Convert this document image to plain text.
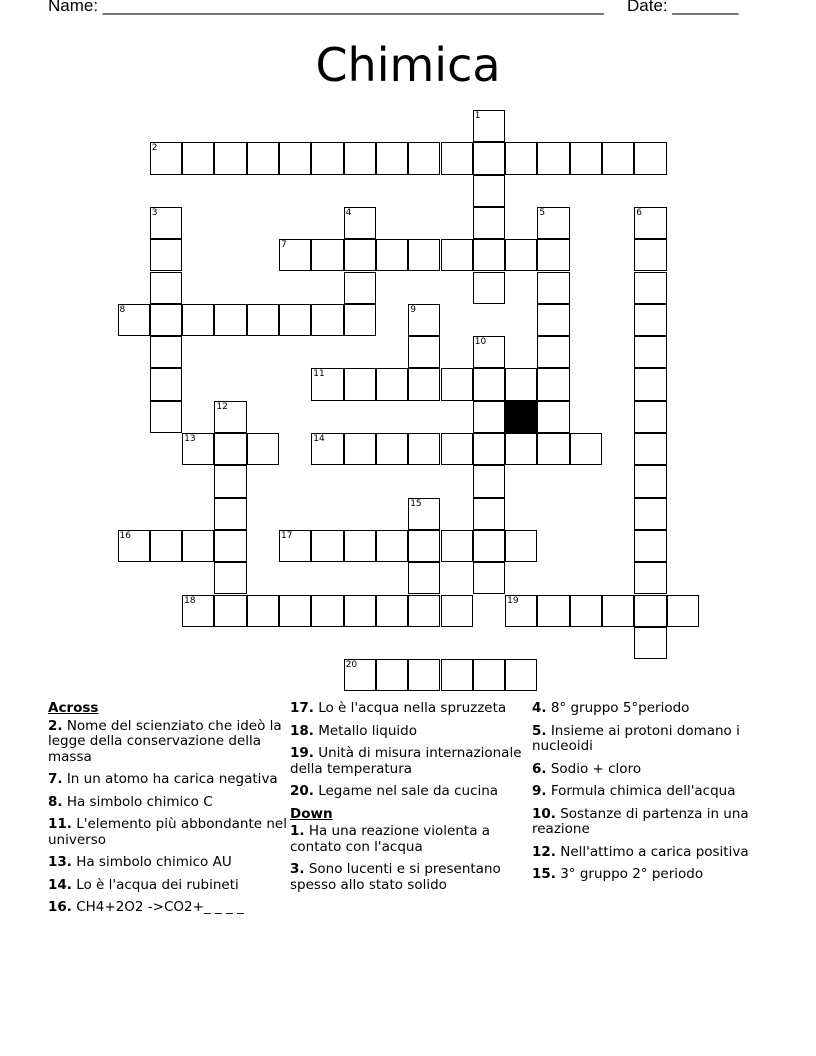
Name: _____________________________________________________ Date: _______
Chimica
1
2
3	4	5	6
7
8	9
10
11
12
13	14
15
16	17
18	19
20
Across
2. Nome del scienziato che ideò la legge della conservazione della massa
7. In un atomo ha carica negativa
8. Ha simbolo chimico C
11. L'elemento più abbondante nel universo
13. Ha simbolo chimico AU
14. Lo è l'acqua dei rubineti
16. CH4+2O2 ->CO2+_ _ _ _
17. Lo è l'acqua nella spruzzeta
18. Metallo liquido
19. Unità di misura internazionale della temperatura
20. Legame nel sale da cucina
Down
1. Ha una reazione violenta a contato con l'acqua
3. Sono lucenti e si presentano spesso allo stato solido
4. 8° gruppo 5°periodo
5. Insieme ai protoni domano i nucleoidi
6. Sodio + cloro
9. Formula chimica dell'acqua
10. Sostanze di partenza in una reazione
12. Nell'attimo a carica positiva
15. 3° gruppo 2° periodo
